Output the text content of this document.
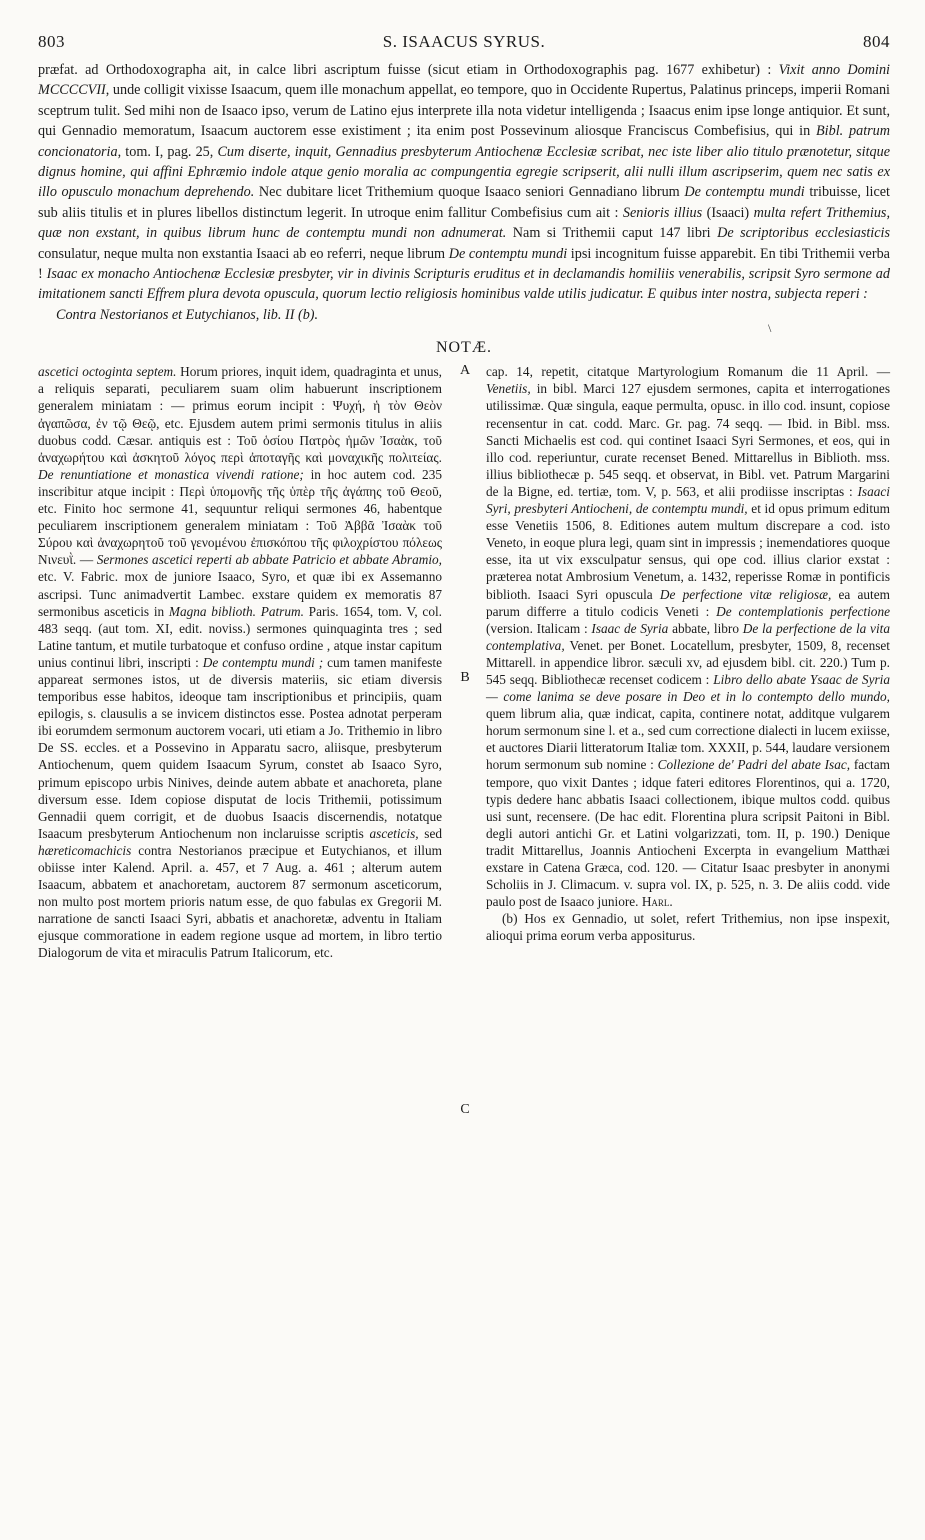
803	S. ISAACUS SYRUS.	804

præfat. ad Orthodoxographa ait, in calce libri ascriptum fuisse (sicut etiam in Orthodoxographis pag. 1677 exhibetur) : Vixit anno Domini MCCCCVII, unde colligit vixisse Isaacum, quem ille monachum appellat, eo tempore, quo in Occidente Rupertus, Palatinus princeps, imperii Romani sceptrum tulit. Sed mihi non de Isaaco ipso, verum de Latino ejus interprete illa nota videtur intelligenda ; Isaacus enim ipse longe antiquior. Et sunt, qui Gennadio memoratum, Isaacum auctorem esse existiment ; ita enim post Possevinum aliosque Franciscus Combefisius, qui in Bibl. patrum concionatoria, tom. I, pag. 25, Cum diserte, inquit, Gennadius presbyterum Antiochenæ Ecclesiæ scribat, nec iste liber alio titulo prænotetur, sitque dignus homine, qui affini Ephræmio indole atque genio moralia ac compungentia egregie scripserit, alii nulli illum ascripserim, quem nec satis ex illo opusculo monachum deprehendo. Nec dubitare licet Trithemium quoque Isaaco seniori Gennadiano librum De contemptu mundi tribuisse, licet sub aliis titulis et in plures libellos distinctum legerit. In utroque enim fallitur Combefisius cum ait : Senioris illius (Isaaci) multa refert Trithemius, quæ non exstant, in quibus librum hunc de contemptu mundi non adnumerat. Nam si Trithemii caput 147 libri De scriptoribus ecclesiasticis consulatur, neque multa non exstantia Isaaci ab eo referri, neque librum De contemptu mundi ipsi incognitum fuisse apparebit. En tibi Trithemii verba ! Isaac ex monacho Antiochenæ Ecclesiæ presbyter, vir in divinis Scripturis eruditus et in declamandis homiliis venerabilis, scripsit Syro sermone ad imitationem sancti Effrem plura devota opuscula, quorum lectio religiosis hominibus valde utilis judicatur. E quibus inter nostra, subjecta reperi :

Contra Nestorianos et Eutychianos, lib. II (b).

NOTÆ.
\

ascetici octoginta septem. Horum priores, inquit idem, quadraginta et unus, a reliquis separati, peculiarem suam olim habuerunt inscriptionem generalem miniatam : — primus eorum incipit : Ψυχή, ἡ τὸν Θεὸν ἀγαπῶσα, ἐν τῷ Θεῷ, etc. Ejusdem autem primi sermonis titulus in aliis duobus codd. Cæsar. antiquis est : Τοῦ ὁσίου Πατρὸς ἡμῶν Ἰσαὰκ, τοῦ ἀναχωρήτου καὶ ἀσκητοῦ λόγος περὶ ἀποταγῆς καὶ μοναχικῆς πολιτείας. De renuntiatione et monastica vivendi ratione; in hoc autem cod. 235 inscribitur atque incipit : Περὶ ὑπομονῆς τῆς ὑπὲρ τῆς ἀγάπης τοῦ Θεοῦ, etc. Finito hoc sermone 41, sequuntur reliqui sermones 46, habentque peculiarem inscriptionem generalem miniatam : Τοῦ Ἀββᾶ Ἰσαὰκ τοῦ Σύρου καὶ ἀναχωρητοῦ τοῦ γενομένου ἐπισκόπου τῆς φιλοχρίστου πόλεως Νινευῒ. — Sermones ascetici reperti ab abbate Patricio et abbate Abramio, etc. V. Fabric. mox de juniore Isaaco, Syro, et quæ ibi ex Assemanno ascripsi. Tunc animadvertit Lambec. exstare quidem ex memoratis 87 sermonibus asceticis in Magna biblioth. Patrum. Paris. 1654, tom. V, col. 483 seqq. (aut tom. XI, edit. noviss.) sermones quinquaginta tres ; sed Latine tantum, et mutile turbatoque et confuso ordine , atque instar capitum unius continui libri, inscripti : De contemptu mundi ; cum tamen manifeste appareat sermones istos, ut de diversis materiis, sic etiam diversis temporibus esse habitos, ideoque tam inscriptionibus et principiis, quam epilogis, s. clausulis a se invicem distinctos esse. Postea adnotat perperam ibi eorumdem sermonum auctorem vocari, uti etiam a Jo. Trithemio in libro De SS. eccles. et a Possevino in Apparatu sacro, aliisque, presbyterum Antiochenum, quem quidem Isaacum Syrum, constet ab Isaaco Syro, primum episcopo urbis Ninives, deinde autem abbate et anachoreta, plane diversum esse. Idem copiose disputat de locis Trithemii, potissimum Gennadii quem corrigit, et de duobus Isaacis discernendis, notatque Isaacum presbyterum Antiochenum non inclaruisse scriptis asceticis, sed hæreticomachicis contra Nestorianos præcipue et Eutychianos, et illum obiisse inter Kalend. April. a. 457, et 7 Aug. a. 461 ; alterum autem Isaacum, abbatem et anachoretam, auctorem 87 sermonum asceticorum, non multo post mortem prioris natum esse, de quo fabulas ex Gregorii M. narratione de sancti Isaaci Syri, abbatis et anachoretæ, adventu in Italiam ejusque commoratione in eadem regione usque ad mortem, in libro tertio Dialogorum de vita et miraculis Patrum Italicorum, etc.

A
B
C

cap. 14, repetit, citatque Martyrologium Romanum die 11 April. — Venetiis, in bibl. Marci 127 ejusdem sermones, capita et interrogationes utilissimæ. Quæ singula, eaque permulta, opusc. in illo cod. insunt, copiose recensentur in cat. codd. Marc. Gr. pag. 74 seqq. — Ibid. in Bibl. mss. Sancti Michaelis est cod. qui continet Isaaci Syri Sermones, et eos, qui in illo cod. reperiuntur, curate recenset Bened. Mittarellus in Biblioth. mss. illius bibliothecæ p. 545 seqq. et observat, in Bibl. vet. Patrum Margarini de la Bigne, ed. tertiæ, tom. V, p. 563, et alii prodiisse inscriptas : Isaaci Syri, presbyteri Antiocheni, de contemptu mundi, et id opus primum editum esse Venetiis 1506, 8. Editiones autem multum discrepare a cod. isto Veneto, in eoque plura legi, quam sint in impressis ; inemendatiores quoque esse, ita ut vix exsculpatur sensus, qui ope cod. illius clarior exstat : præterea notat Ambrosium Venetum, a. 1432, reperisse Romæ in pontificis biblioth. Isaaci Syri opuscula De perfectione vitæ religiosæ, ea autem parum differre a titulo codicis Veneti : De contemplationis perfectione (version. Italicam : Isaac de Syria abbate, libro De la perfectione de la vita contemplativa, Venet. per Bonet. Locatellum, presbyter, 1509, 8, recenset Mittarell. in appendice libror. sæculi xv, ad ejusdem bibl. cit. 220.) Tum p. 545 seqq. Bibliothecæ recenset codicem : Libro dello abate Ysaac de Syria — come lanima se deve posare in Deo et in lo contempto dello mundo, quem librum alia, quæ indicat, capita, continere notat, additque vulgarem horum sermonum sine l. et a., sed cum correctione dialecti in lucem exiisse, et auctores Diarii litteratorum Italiæ tom. XXXII, p. 544, laudare versionem horum sermonum sub nomine : Collezione de' Padri del abate Isac, factam tempore, quo vixit Dantes ; idque fateri editores Florentinos, qui a. 1720, typis dedere hanc abbatis Isaaci collectionem, ibique multos codd. quibus usi sunt, recensere. (De hac edit. Florentina plura scripsit Paitoni in Bibl. degli autori antichi Gr. et Latini volgarizzati, tom. II, p. 190.) Denique tradit Mittarellus, Joannis Antiocheni Excerpta in evangelium Matthæi exstare in Catena Græca, cod. 120. — Citatur Isaac presbyter in anonymi Scholiis in J. Climacum. v. supra vol. IX, p. 525, n. 3. De aliis codd. vide paulo post de Isaaco juniore. Harl.

(b) Hos ex Gennadio, ut solet, refert Trithemius, non ipse inspexit, alioqui prima eorum verba appositurus.
